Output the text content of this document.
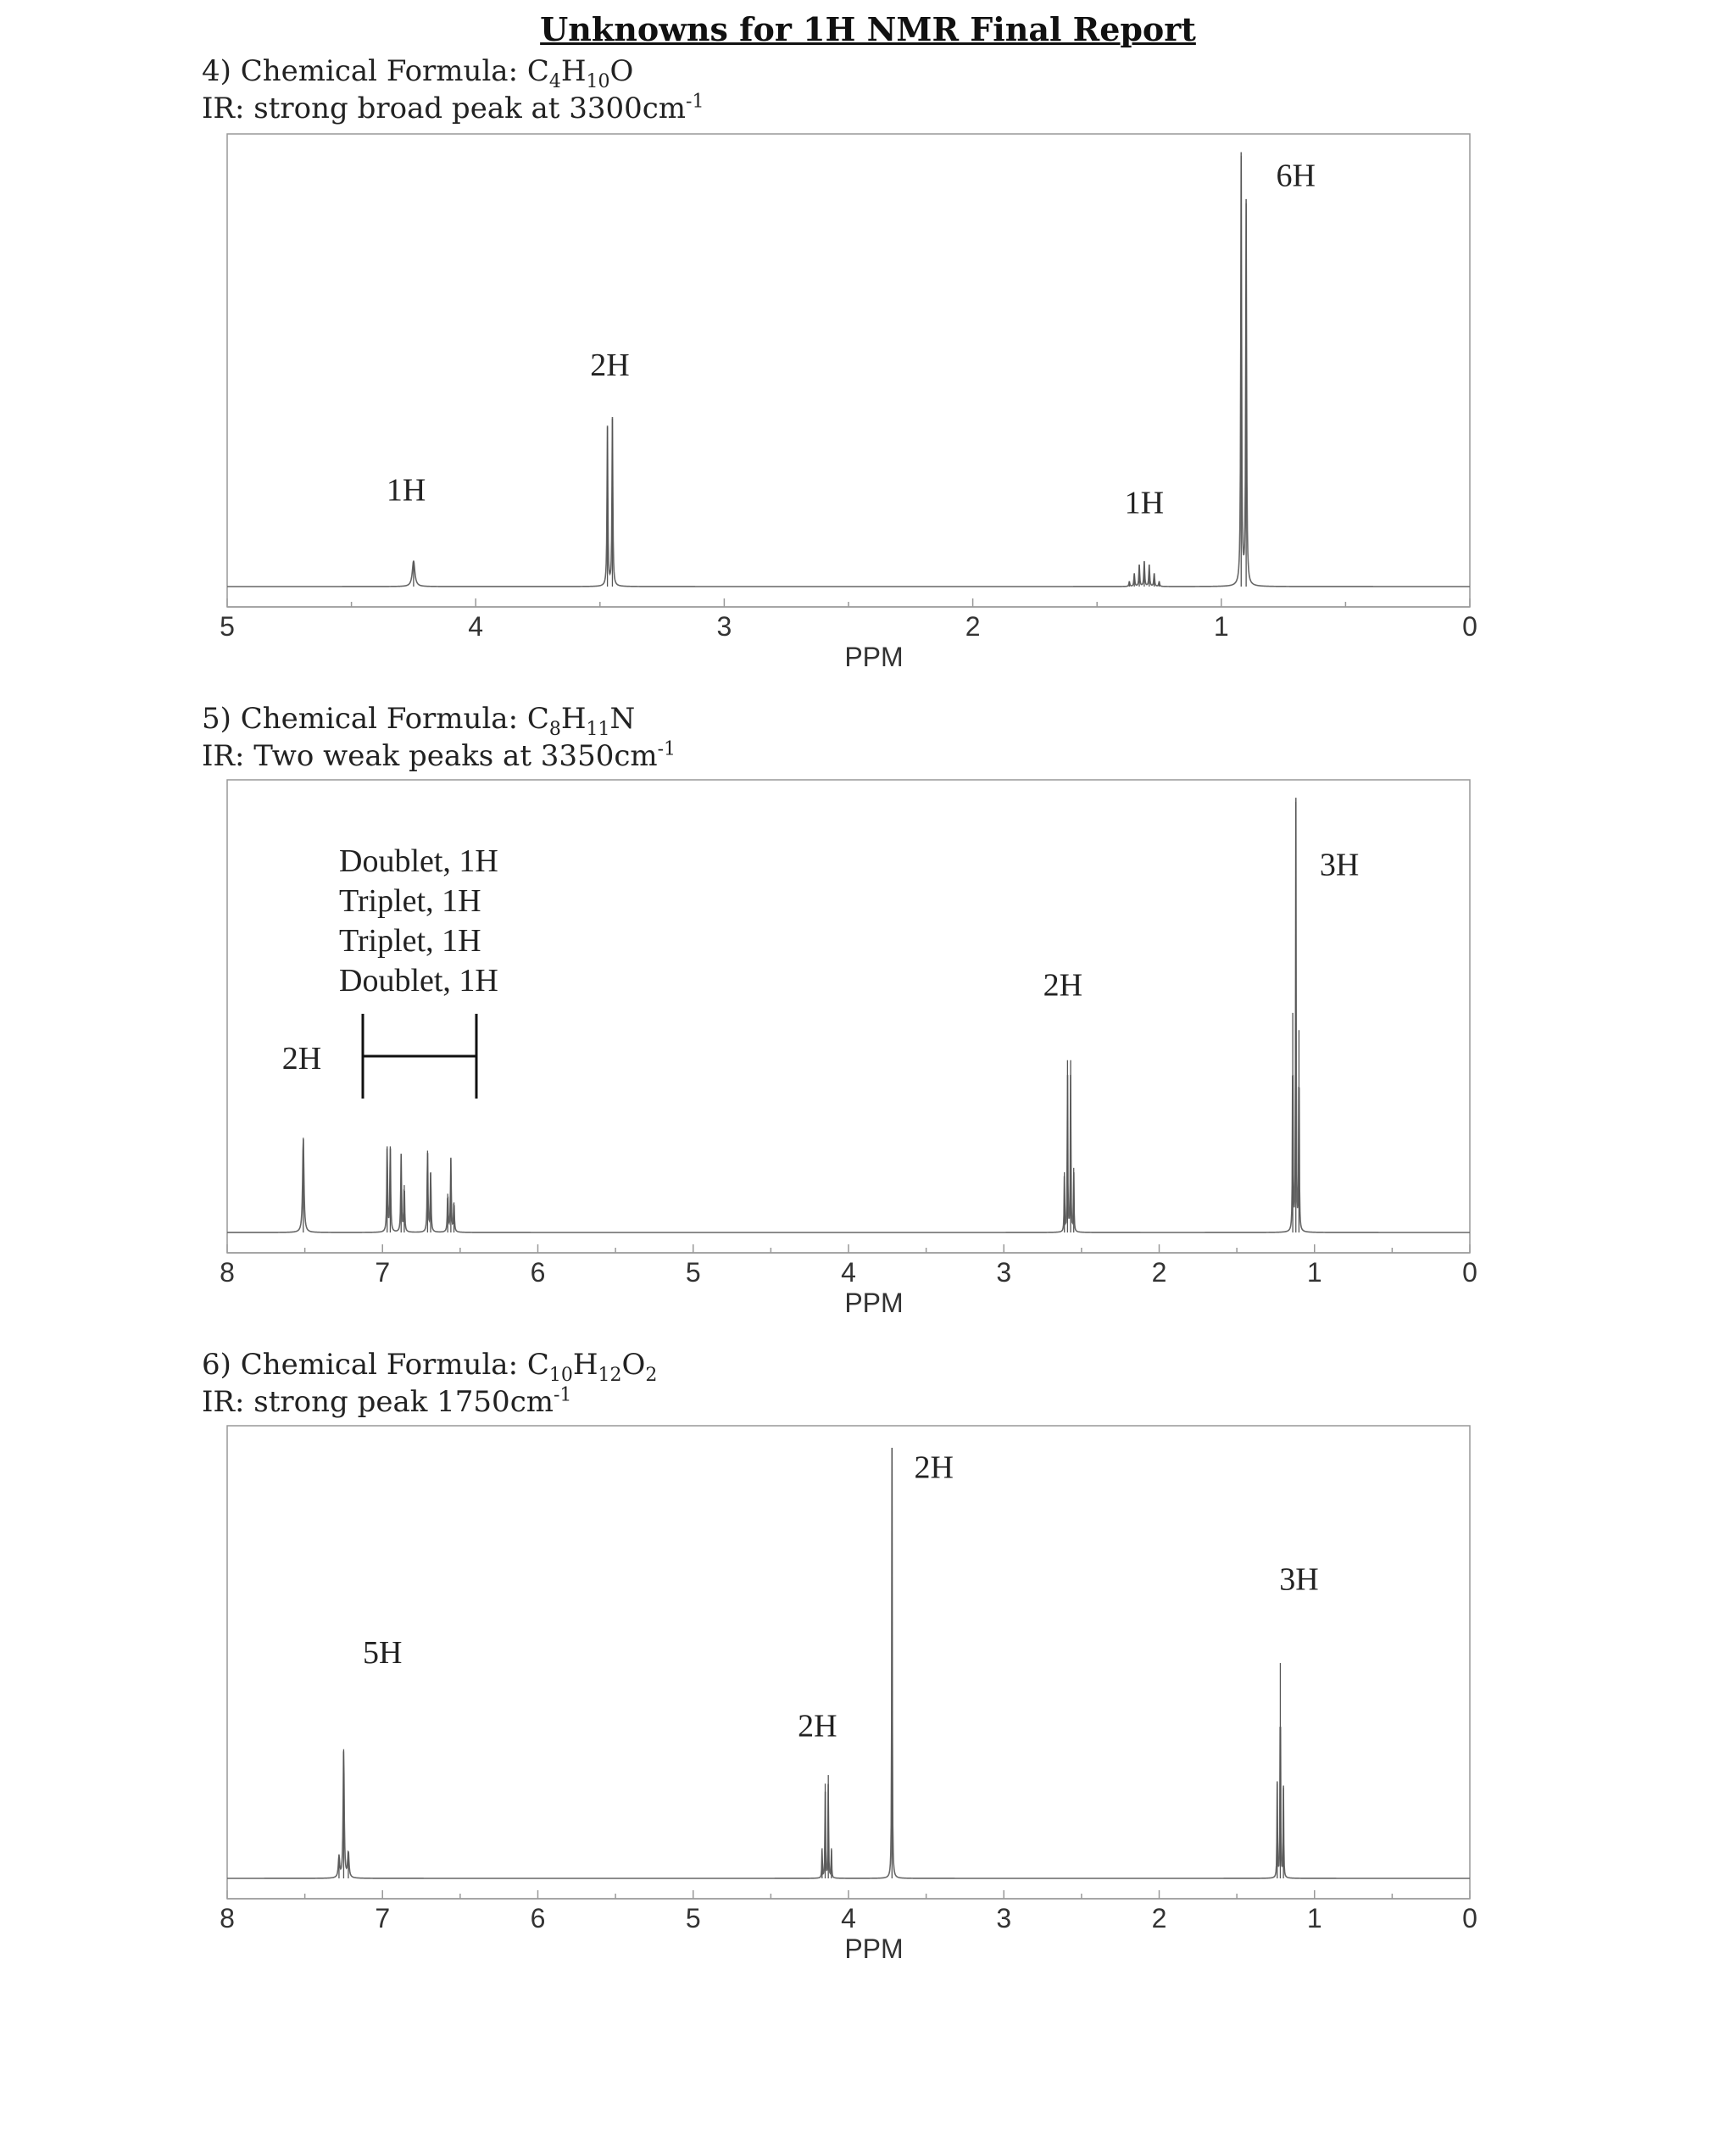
Unknowns for 1H NMR Final Report
4) Chemical Formula: $C_4H_{10}O$
IR: strong broad peak at $3300cm^{-1}$
5	4	3	2	1	0
PPM
1H
2H
1H
6H
5) Chemical Formula: $C_8H_{11}N$
IR: Two weak peaks at $3350cm^{-1}$
8	7	6	5	4	3	2	1	0
PPM
2H
2H
3H
Doublet, 1H
Triplet, 1H
Triplet, 1H
Doublet, 1H
6) Chemical Formula: $C_{10}H_{12}O_2$
IR: strong peak $1750cm^{-1}$
8	7	6	5	4	3	2	1	0
PPM
2H
3H
5H
2H
